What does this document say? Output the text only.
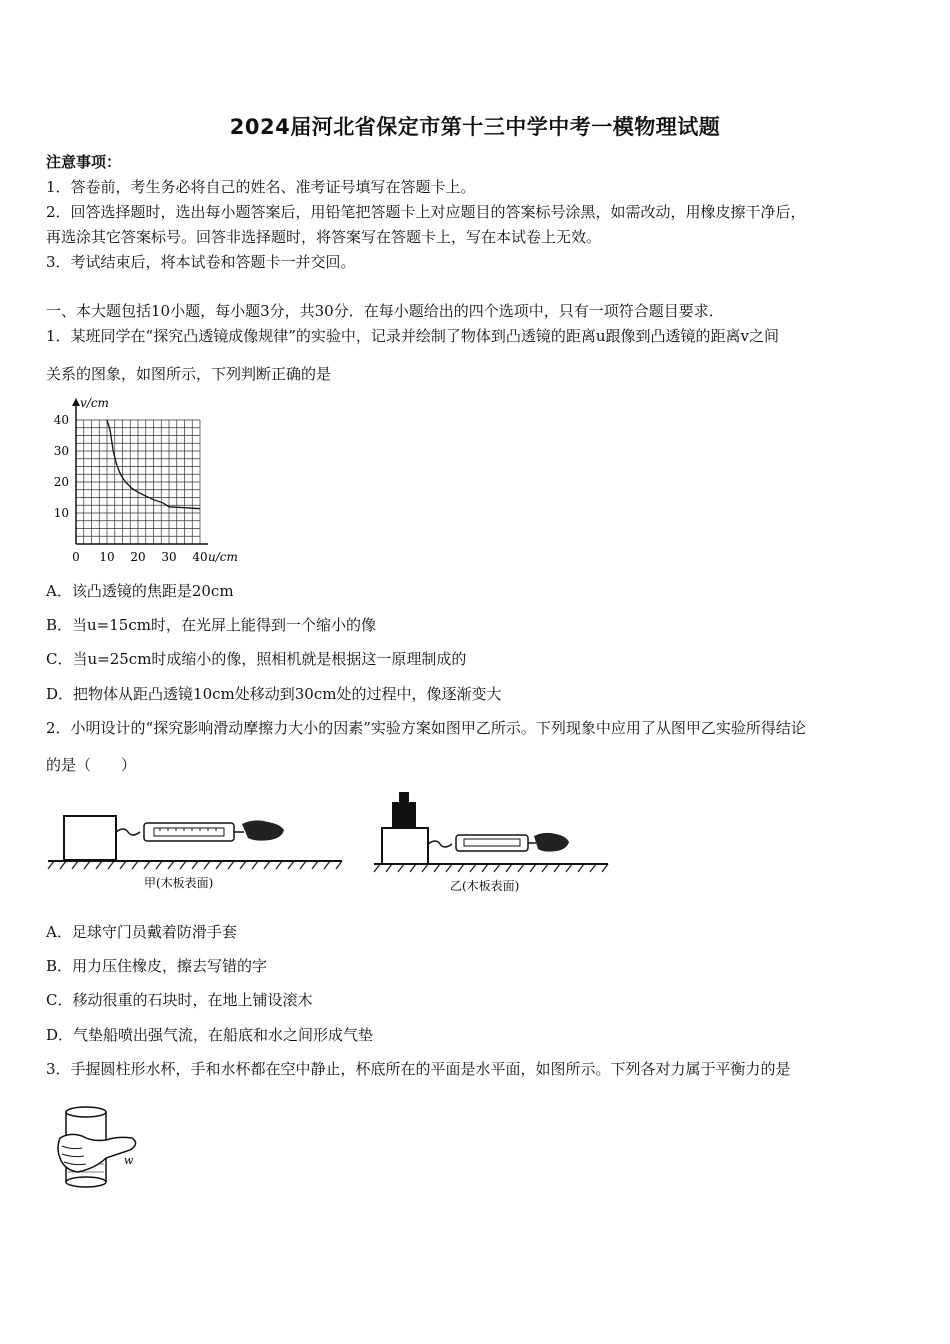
2024届河北省保定市第十三中学中考一模物理试题
注意事项：
1．答卷前，考生务必将自己的姓名、准考证号填写在答题卡上。
2．回答选择题时，选出每小题答案后，用铅笔把答题卡上对应题目的答案标号涂黑，如需改动，用橡皮擦干净后，
再选涂其它答案标号。回答非选择题时，将答案写在答题卡上，写在本试卷上无效。
3．考试结束后，将本试卷和答题卡一并交回。
一、本大题包括10小题，每小题3分，共30分．在每小题给出的四个选项中，只有一项符合题目要求．
1．某班同学在“探究凸透镜成像规律”的实验中，记录并绘制了物体到凸透镜的距离u跟像到凸透镜的距离v之间
关系的图象，如图所示，下列判断正确的是
0 10 20 30 40
10
20
30
40
v/cm
u/cm
A．该凸透镜的焦距是20cm
B．当u=15cm时，在光屏上能得到一个缩小的像
C．当u=25cm时成缩小的像，照相机就是根据这一原理制成的
D．把物体从距凸透镜10cm处移动到30cm处的过程中，像逐渐变大
2．小明设计的“探究影响滑动摩擦力大小的因素”实验方案如图甲乙所示。下列现象中应用了从图甲乙实验所得结论
的是（　　）
甲(木板表面)	乙(木板表面)
A．足球守门员戴着防滑手套
B．用力压住橡皮，擦去写错的字
C．移动很重的石块时，在地上铺设滚木
D．气垫船喷出强气流，在船底和水之间形成气垫
3．手握圆柱形水杯，手和水杯都在空中静止，杯底所在的平面是水平面，如图所示。下列各对力属于平衡力的是
w
